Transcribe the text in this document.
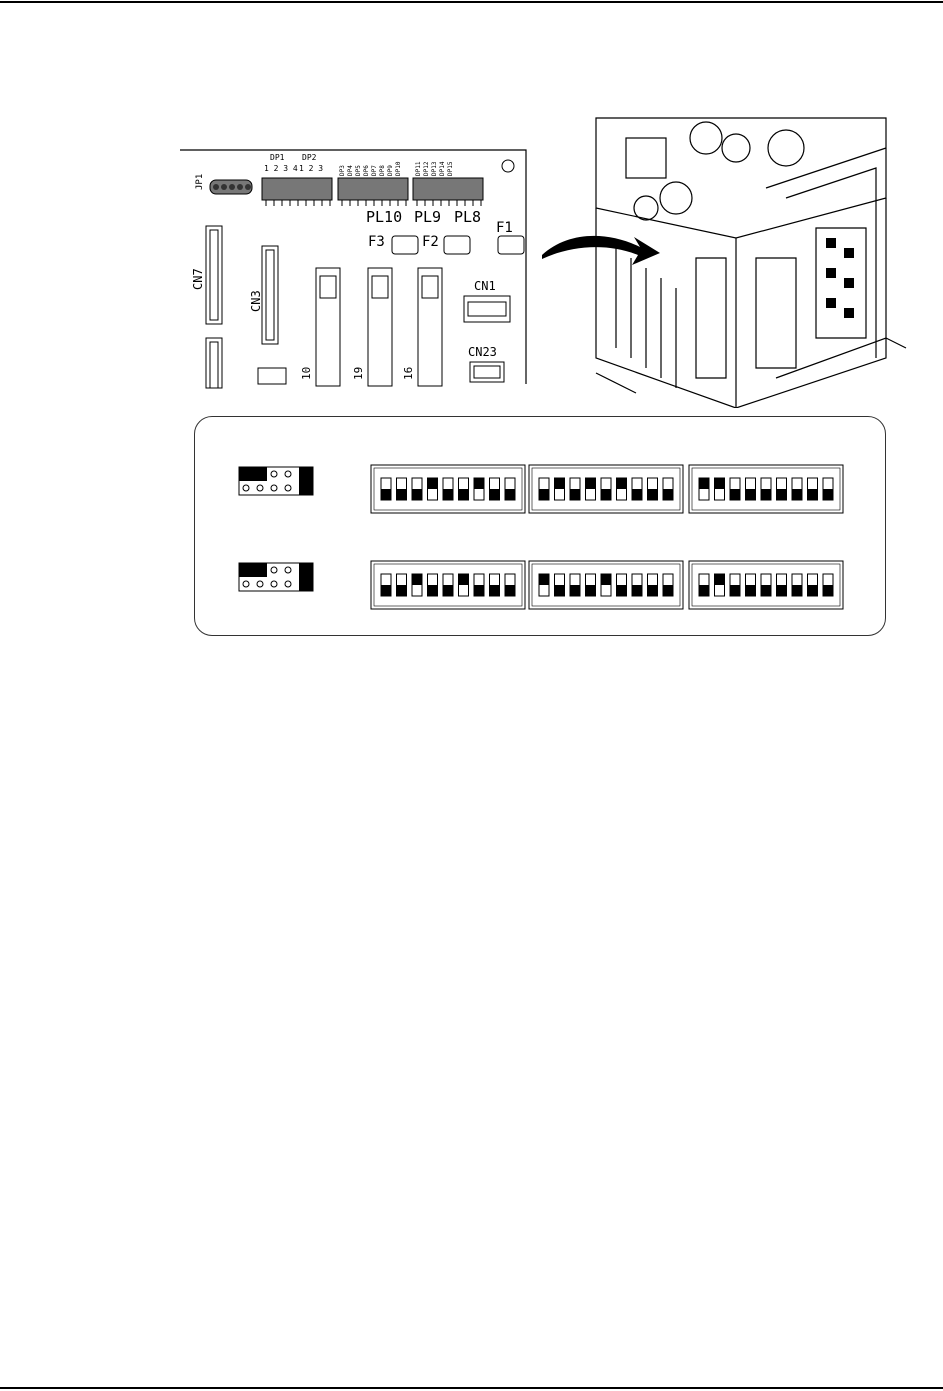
JP1
DP1 DP2
1 2 3 4 1 2 3	DP3 DP4 DP5 DP6 DP7 DP8 DP9 DP10 DP11 DP12 DP13 DP14 DP15
PL10 PL9 PL8
F3	F2
F1
CN7
CN3
10	19	16
CN1
CN23
